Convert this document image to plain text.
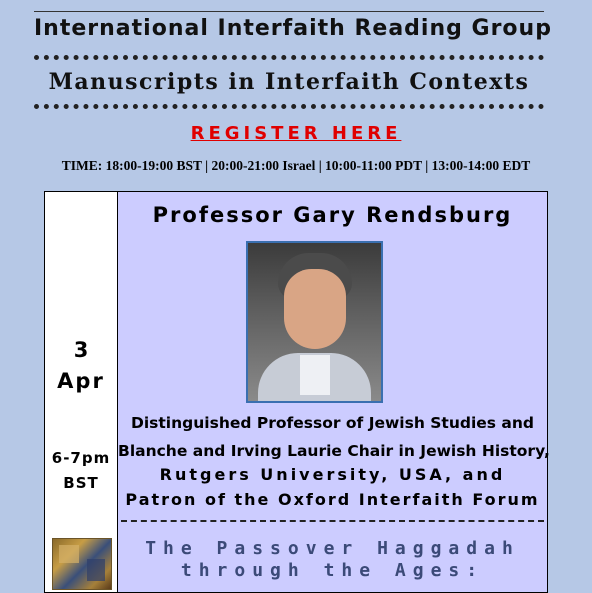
International Interfaith Reading Group
Manuscripts in Interfaith Contexts
REGISTER HERE
TIME: 18:00-19:00 BST | 20:00-21:00 Israel | 10:00-11:00 PDT | 13:00-14:00 EDT
3
Apr
6-7pm
BST
Professor Gary Rendsburg
Distinguished Professor of Jewish Studies and
Blanche and Irving Laurie Chair in Jewish History,
Rutgers University, USA, and
Patron of the Oxford Interfaith Forum
The Passover Haggadah
through the Ages:
